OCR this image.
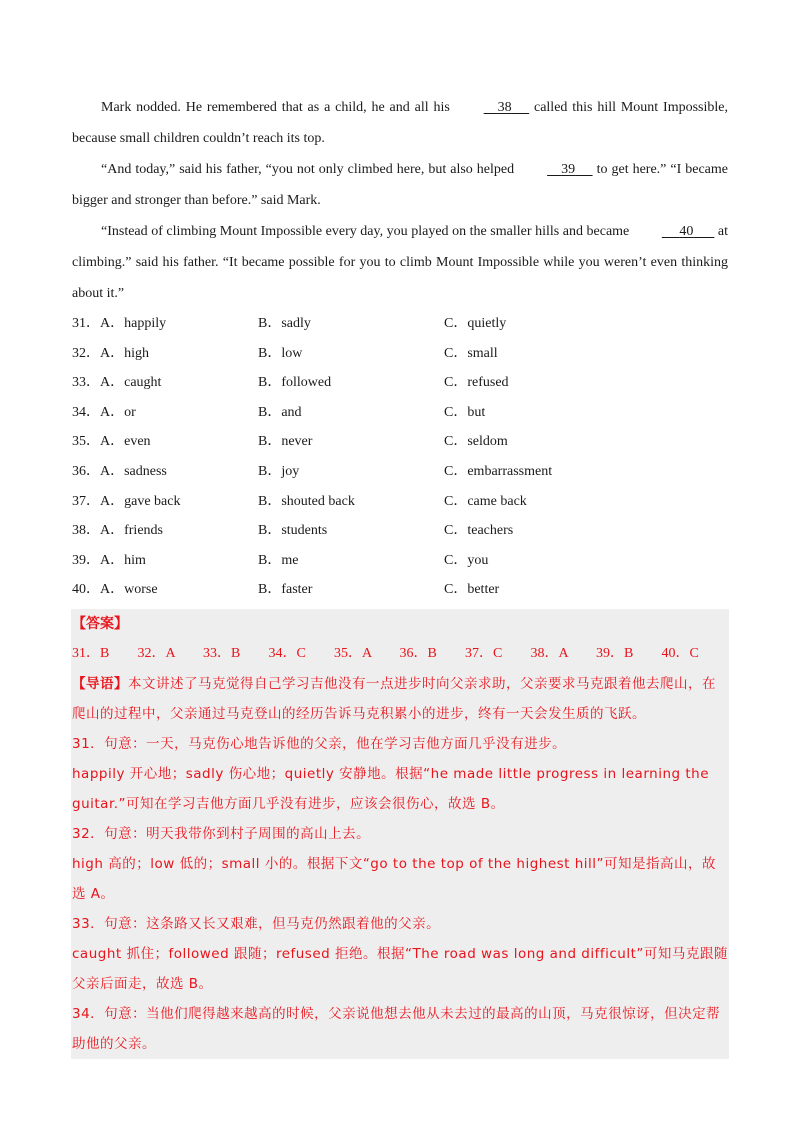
Mark nodded. He remembered that as a child, he and all his	38      called this hill Mount Impossible, because small children couldn’t reach its top.

“And today,” said his father, “you not only climbed here, but also helped	39      to get here.” “I became bigger and stronger than before.” said Mark.

“Instead of climbing Mount Impossible every day, you played on the smaller hills and became	40       at climbing.” said his father. “It became possible for you to climb Mount Impossible while you weren’t even thinking about it.”

31．A．happily	B．sadly	C．quietly
32．A．high	B．low	C．small
33．A．caught	B．followed	C．refused
34．A．or	B．and	C．but
35．A．even	B．never	C．seldom
36．A．sadness	B．joy	C．embarrassment
37．A．gave back	B．shouted back	C．came back
38．A．friends	B．students	C．teachers
39．A．him	B．me	C．you
40．A．worse	B．faster	C．better

【答案】

31．B	32．A	33．B	34．C	35．A	36．B	37．C	38．A	39．B	40．C

【导语】本文讲述了马克觉得自己学习吉他没有一点进步时向父亲求助，父亲要求马克跟着他去爬山，在爬山的过程中，父亲通过马克登山的经历告诉马克积累小的进步，终有一天会发生质的飞跃。

31．句意：一天，马克伤心地告诉他的父亲，他在学习吉他方面几乎没有进步。

happily 开心地；sadly 伤心地；quietly 安静地。根据“he made little progress in learning the guitar.”可知在学习吉他方面几乎没有进步，应该会很伤心，故选 B。

32．句意：明天我带你到村子周围的高山上去。

high 高的；low 低的；small 小的。根据下文“go to the top of the highest hill”可知是指高山，故选 A。

33．句意：这条路又长又艰难，但马克仍然跟着他的父亲。

caught 抓住；followed 跟随；refused 拒绝。根据“The road was long and difficult”可知马克跟随父亲后面走，故选 B。

34．句意：当他们爬得越来越高的时候，父亲说他想去他从未去过的最高的山顶，马克很惊讶，但决定帮助他的父亲。
